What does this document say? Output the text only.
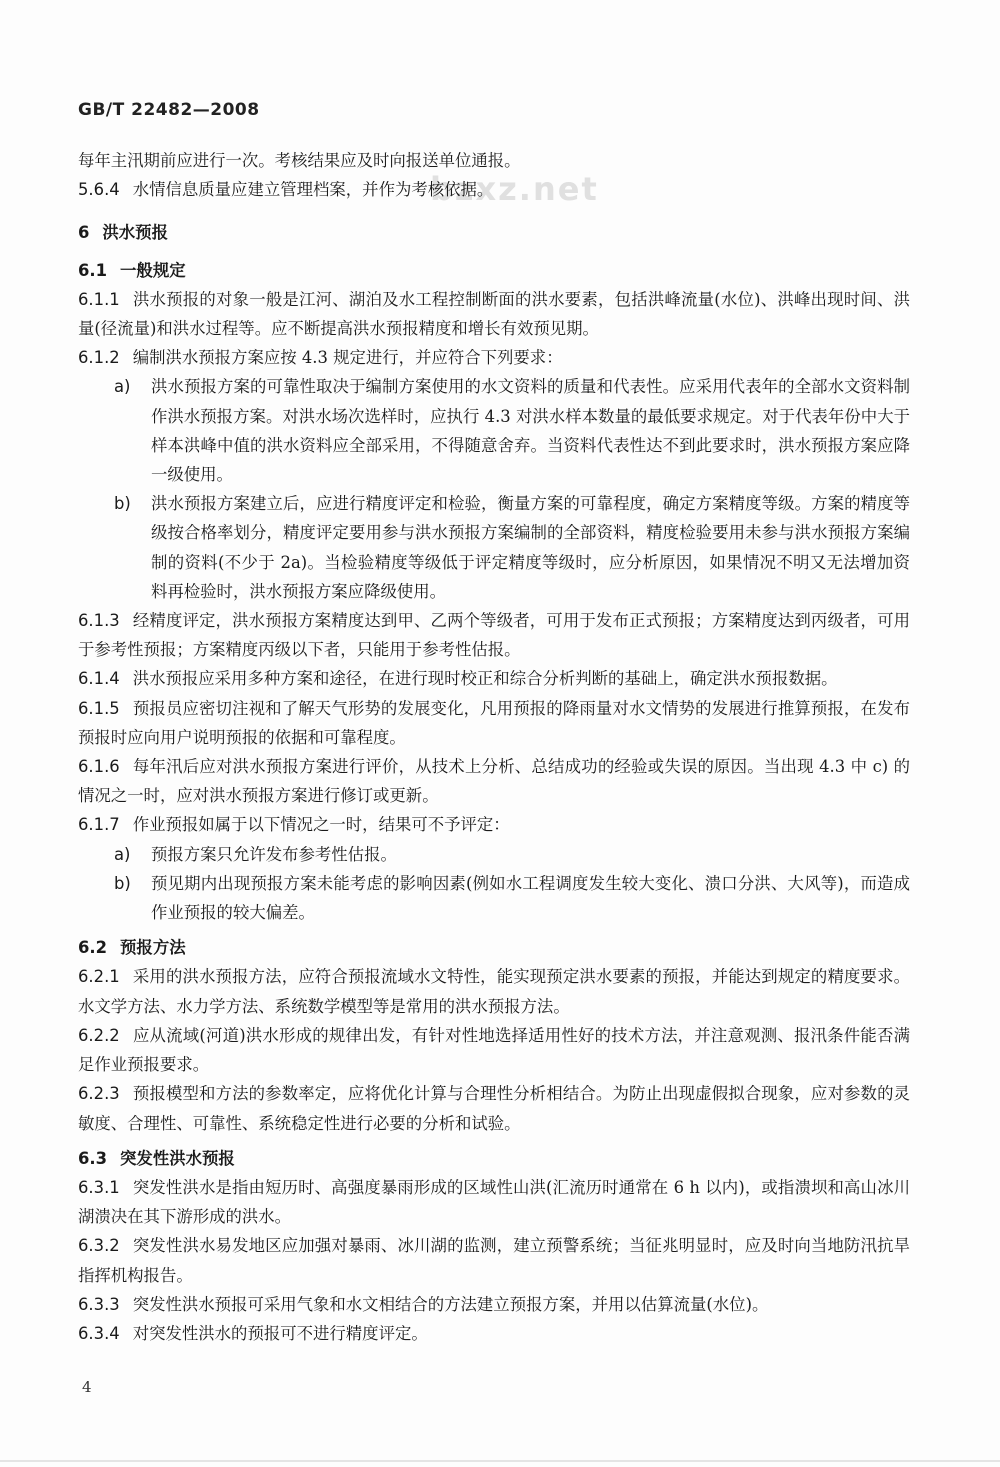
GB/T 22482—2008
bzxz.net

每年主汛期前应进行一次。考核结果应及时向报送单位通报。

5.6.4 水情信息质量应建立管理档案，并作为考核依据。

6 洪水预报

6.1 一般规定

6.1.1 洪水预报的对象一般是江河、湖泊及水工程控制断面的洪水要素，包括洪峰流量(水位)、洪峰出现时间、洪量(径流量)和洪水过程等。应不断提高洪水预报精度和增长有效预见期。

6.1.2 编制洪水预报方案应按 4.3 规定进行，并应符合下列要求：

a)	洪水预报方案的可靠性取决于编制方案使用的水文资料的质量和代表性。应采用代表年的全部水文资料制作洪水预报方案。对洪水场次选样时，应执行 4.3 对洪水样本数量的最低要求规定。对于代表年份中大于样本洪峰中值的洪水资料应全部采用，不得随意舍弃。当资料代表性达不到此要求时，洪水预报方案应降一级使用。
b)	洪水预报方案建立后，应进行精度评定和检验，衡量方案的可靠程度，确定方案精度等级。方案的精度等级按合格率划分，精度评定要用参与洪水预报方案编制的全部资料，精度检验要用未参与洪水预报方案编制的资料(不少于 2a)。当检验精度等级低于评定精度等级时，应分析原因，如果情况不明又无法增加资料再检验时，洪水预报方案应降级使用。

6.1.3 经精度评定，洪水预报方案精度达到甲、乙两个等级者，可用于发布正式预报；方案精度达到丙级者，可用于参考性预报；方案精度丙级以下者，只能用于参考性估报。

6.1.4 洪水预报应采用多种方案和途径，在进行现时校正和综合分析判断的基础上，确定洪水预报数据。

6.1.5 预报员应密切注视和了解天气形势的发展变化，凡用预报的降雨量对水文情势的发展进行推算预报，在发布预报时应向用户说明预报的依据和可靠程度。

6.1.6 每年汛后应对洪水预报方案进行评价，从技术上分析、总结成功的经验或失误的原因。当出现 4.3 中 c) 的情况之一时，应对洪水预报方案进行修订或更新。

6.1.7 作业预报如属于以下情况之一时，结果可不予评定：

a)	预报方案只允许发布参考性估报。
b)	预见期内出现预报方案未能考虑的影响因素(例如水工程调度发生较大变化、溃口分洪、大风等)，而造成作业预报的较大偏差。

6.2 预报方法

6.2.1 采用的洪水预报方法，应符合预报流域水文特性，能实现预定洪水要素的预报，并能达到规定的精度要求。水文学方法、水力学方法、系统数学模型等是常用的洪水预报方法。

6.2.2 应从流域(河道)洪水形成的规律出发，有针对性地选择适用性好的技术方法，并注意观测、报汛条件能否满足作业预报要求。

6.2.3 预报模型和方法的参数率定，应将优化计算与合理性分析相结合。为防止出现虚假拟合现象，应对参数的灵敏度、合理性、可靠性、系统稳定性进行必要的分析和试验。

6.3 突发性洪水预报

6.3.1 突发性洪水是指由短历时、高强度暴雨形成的区域性山洪(汇流历时通常在 6 h 以内)，或指溃坝和高山冰川湖溃决在其下游形成的洪水。

6.3.2 突发性洪水易发地区应加强对暴雨、冰川湖的监测，建立预警系统；当征兆明显时，应及时向当地防汛抗旱指挥机构报告。

6.3.3 突发性洪水预报可采用气象和水文相结合的方法建立预报方案，并用以估算流量(水位)。

6.3.4 对突发性洪水的预报可不进行精度评定。

4
